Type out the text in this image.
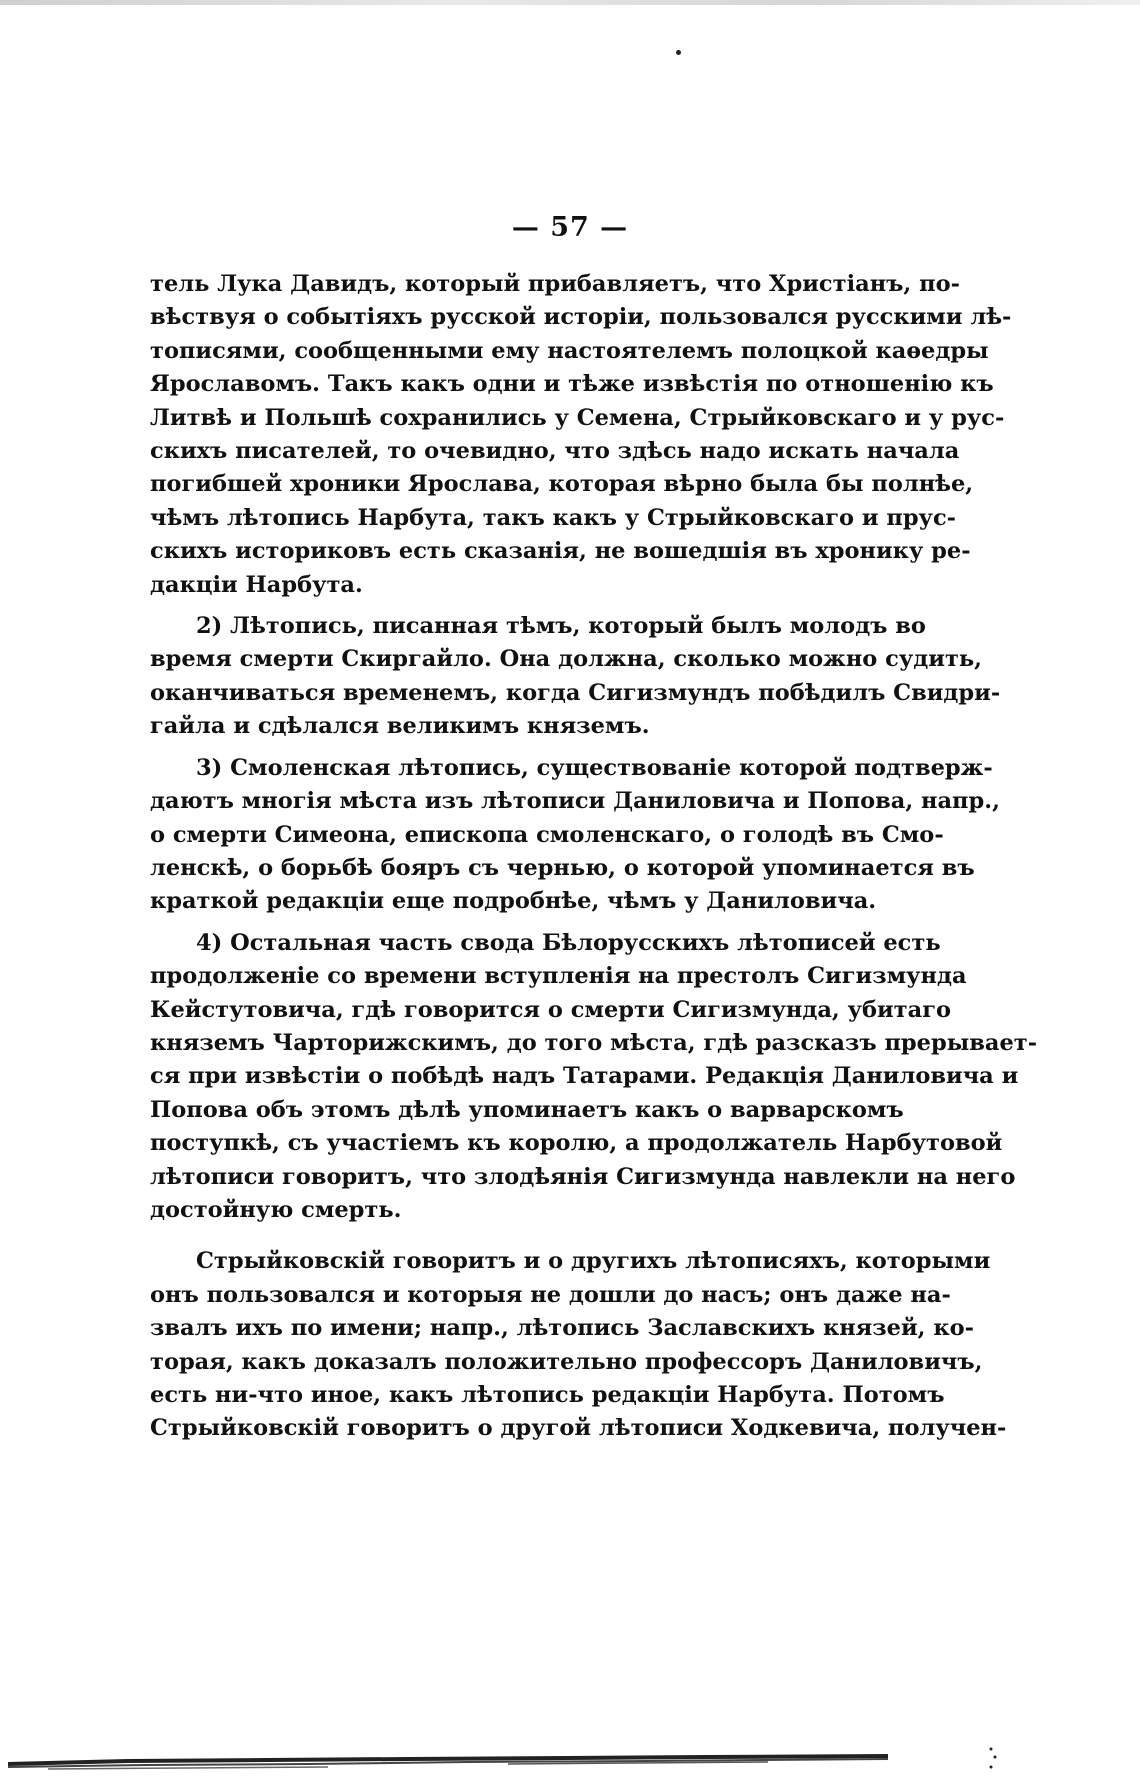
— 57 —

тель Лука Давидъ, который прибавляетъ, что Христіанъ, по-
вѣствуя о событіяхъ русской исторіи, пользовался русскими лѣ-
тописями, сообщенными ему настоятелемъ полоцкой каѳедры
Ярославомъ. Такъ какъ одни и тѣже извѣстія по отношенію къ
Литвѣ и Польшѣ сохранились у Семена, Стрыйковскаго и у рус-
скихъ писателей, то очевидно, что здѣсь надо искать начала
погибшей хроники Ярослава, которая вѣрно была бы полнѣе,
чѣмъ лѣтопись Нарбута, такъ какъ у Стрыйковскаго и прус-
скихъ историковъ есть сказанія, не вошедшія въ хронику ре-
дакціи Нарбута.

2) Лѣтопись, писанная тѣмъ, который былъ молодъ во
время смерти Скиргайло. Она должна, сколько можно судить,
оканчиваться временемъ, когда Сигизмундъ побѣдилъ Свидри-
гайла и сдѣлался великимъ княземъ.

3) Смоленская лѣтопись, существованіе которой подтверж-
даютъ многія мѣста изъ лѣтописи Даниловича и Попова, напр.,
о смерти Симеона, епископа смоленскаго, о голодѣ въ Смо-
ленскѣ, о борьбѣ бояръ съ чернью, о которой упоминается въ
краткой редакціи еще подробнѣе, чѣмъ у Даниловича.

4) Остальная часть свода Бѣлорусскихъ лѣтописей есть
продолженіе со времени вступленія на престолъ Сигизмунда
Кейстутовича, гдѣ говорится о смерти Сигизмунда, убитаго
княземъ Чарторижскимъ, до того мѣста, гдѣ разсказъ прерывает-
ся при извѣстіи о побѣдѣ надъ Татарами. Редакція Даниловича и
Попова объ этомъ дѣлѣ упоминаетъ какъ о варварскомъ
поступкѣ, съ участіемъ къ королю, а продолжатель Нарбутовой
лѣтописи говоритъ, что злодѣянія Сигизмунда навлекли на него
достойную смерть.

Стрыйковскій говоритъ и о другихъ лѣтописяхъ, которыми
онъ пользовался и которыя не дошли до насъ; онъ даже на-
звалъ ихъ по имени; напр., лѣтопись Заславскихъ князей, ко-
торая, какъ доказалъ положительно профессоръ Даниловичъ,
есть ни-что иное, какъ лѣтопись редакціи Нарбута. Потомъ
Стрыйковскій говоритъ о другой лѣтописи Ходкевича, получен-
